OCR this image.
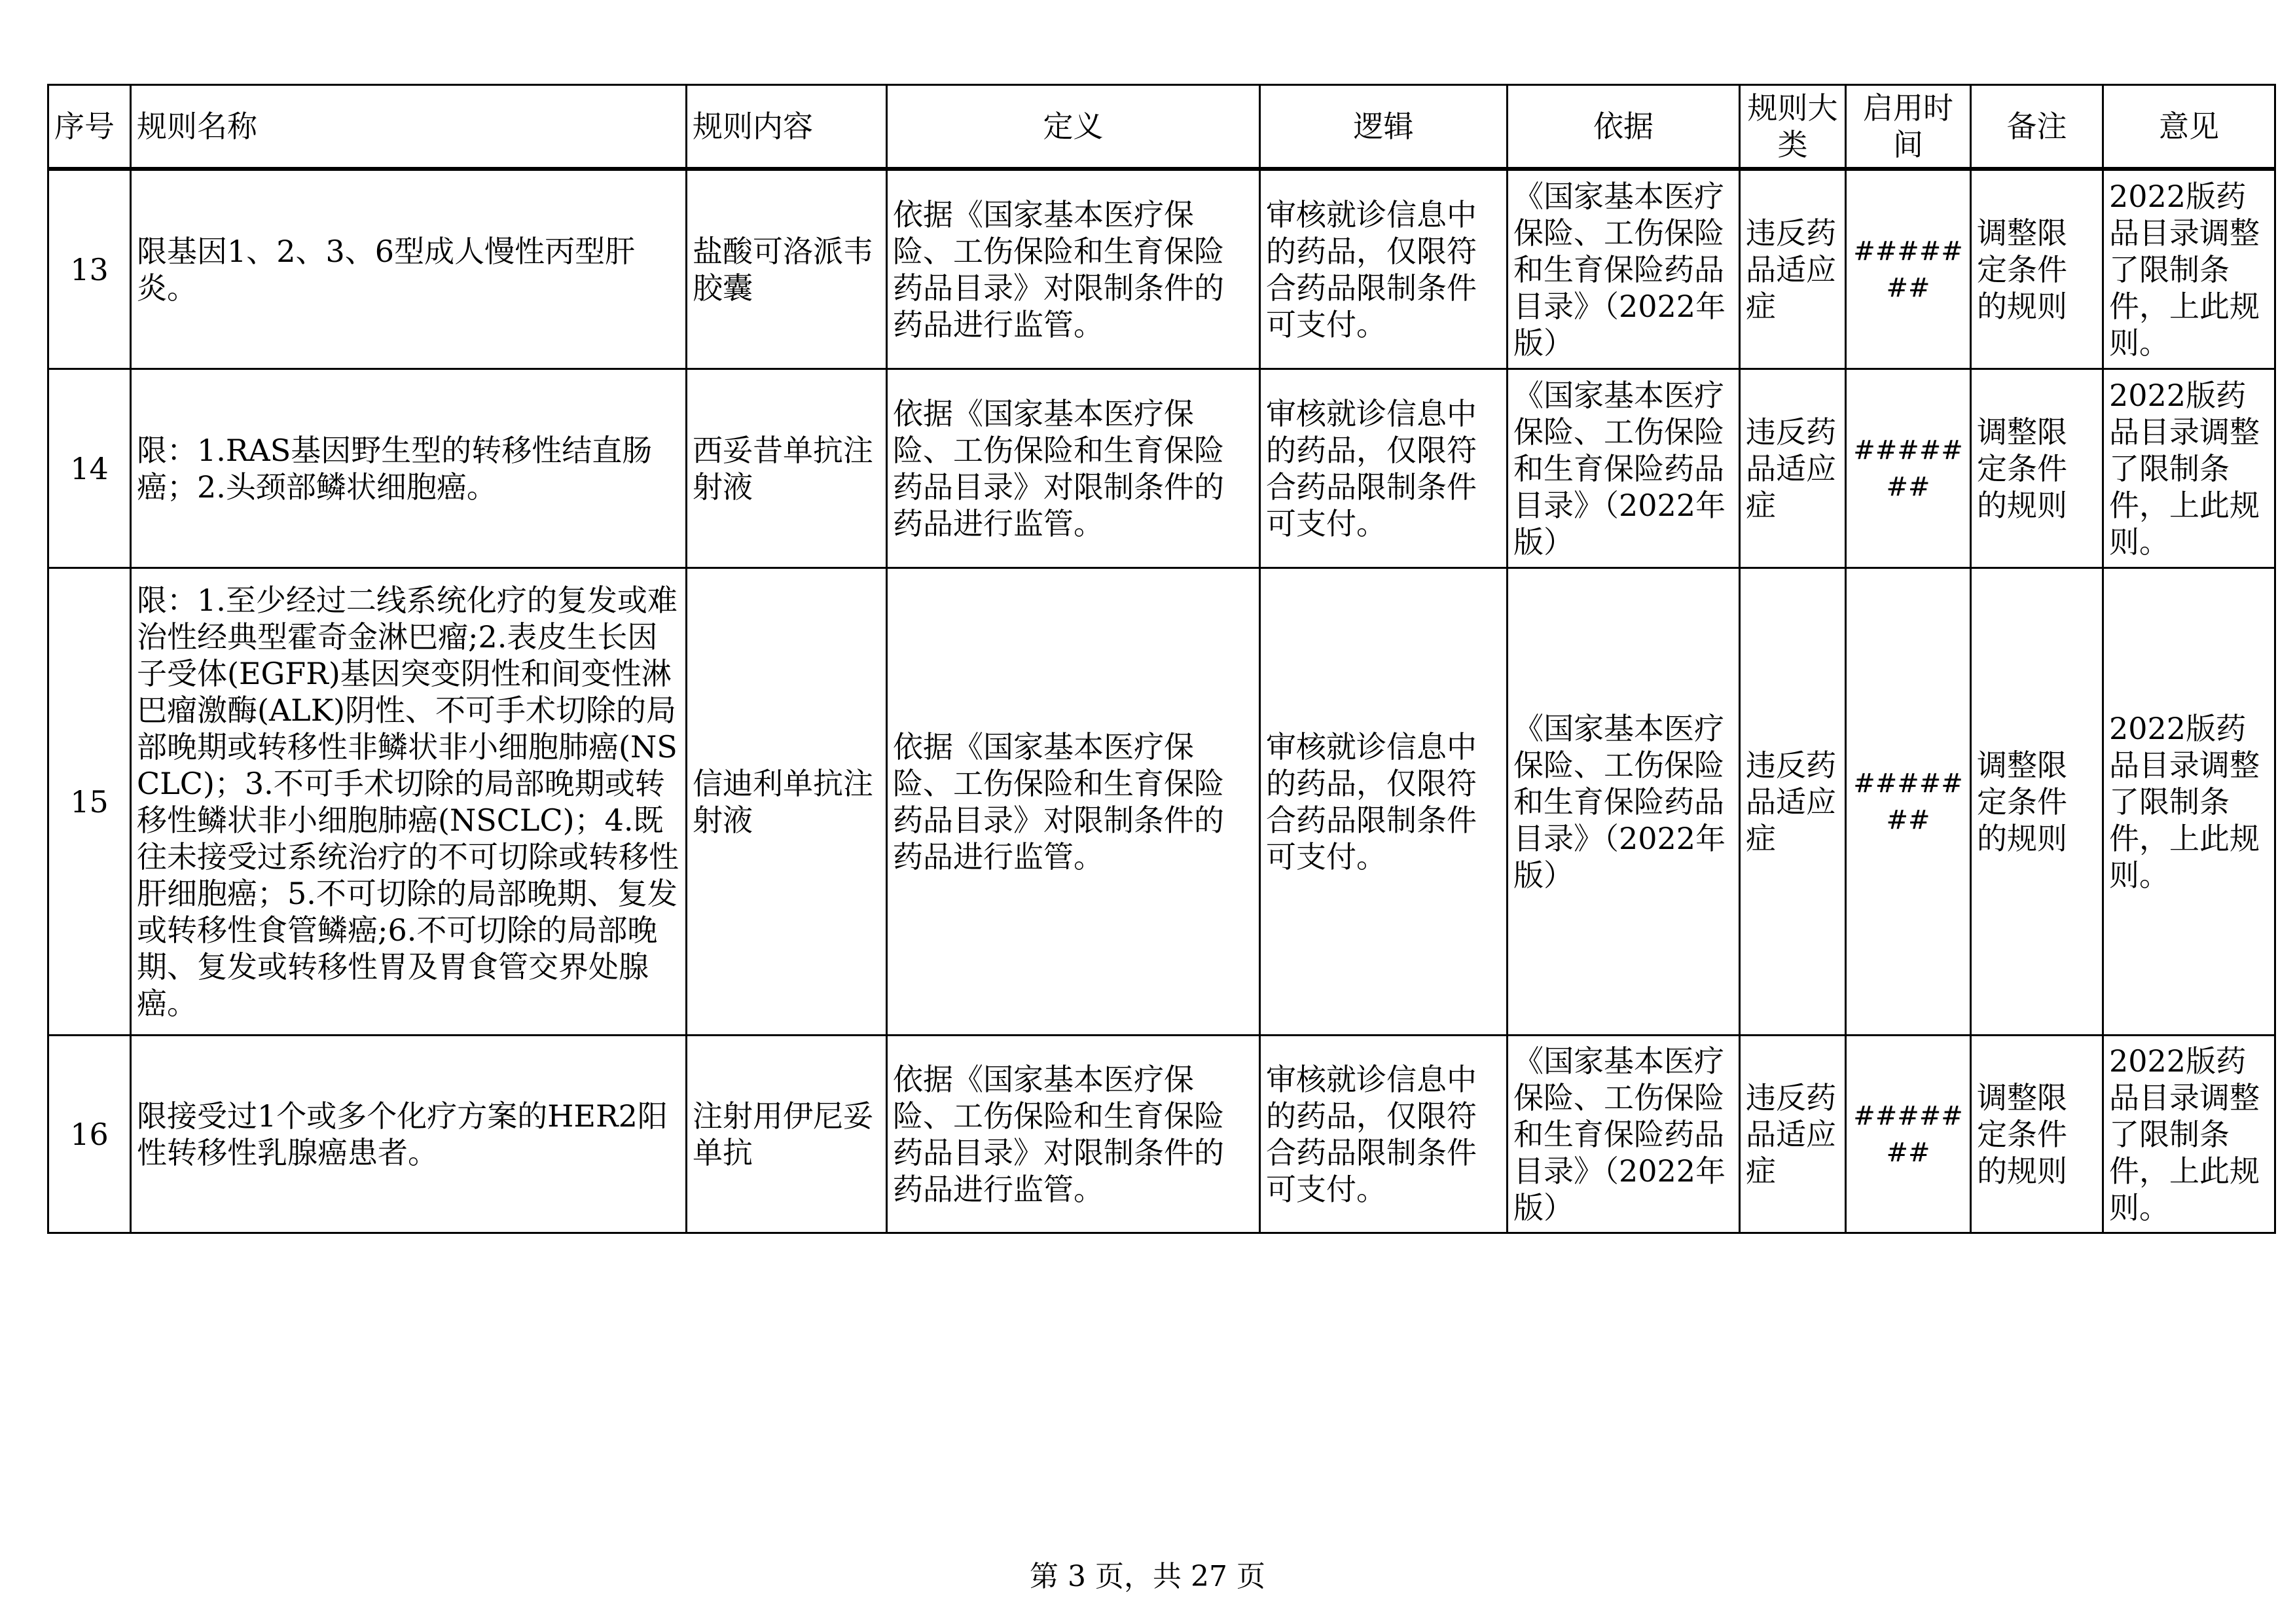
序号	规则名称	规则内容	定义	逻辑	依据	规则大类	启用时间	备注	意见
13	限基因1、2、3、6型成人慢性丙型肝炎。	盐酸可洛派韦胶囊	依据《国家基本医疗保险、工伤保险和生育保险药品目录》对限制条件的药品进行监管。	审核就诊信息中的药品，仅限符合药品限制条件可支付。	《国家基本医疗保险、工伤保险和生育保险药品目录》（2022年版）	违反药品适应症	#######	调整限定条件的规则	2022版药品目录调整了限制条件，上此规则。
14	限：1.RAS基因野生型的转移性结直肠癌；2.头颈部鳞状细胞癌。	西妥昔单抗注射液	依据《国家基本医疗保险、工伤保险和生育保险药品目录》对限制条件的药品进行监管。	审核就诊信息中的药品，仅限符合药品限制条件可支付。	《国家基本医疗保险、工伤保险和生育保险药品目录》（2022年版）	违反药品适应症	#######	调整限定条件的规则	2022版药品目录调整了限制条件，上此规则。
15	限：1.至少经过二线系统化疗的复发或难治性经典型霍奇金淋巴瘤;2.表皮生长因子受体(EGFR)基因突变阴性和间变性淋巴瘤激酶(ALK)阴性、不可手术切除的局部晚期或转移性非鳞状非小细胞肺癌(NSCLC)；3.不可手术切除的局部晚期或转移性鳞状非小细胞肺癌(NSCLC)；4.既往未接受过系统治疗的不可切除或转移性肝细胞癌；5.不可切除的局部晚期、复发或转移性食管鳞癌;6.不可切除的局部晚期、复发或转移性胃及胃食管交界处腺癌。	信迪利单抗注射液	依据《国家基本医疗保险、工伤保险和生育保险药品目录》对限制条件的药品进行监管。	审核就诊信息中的药品，仅限符合药品限制条件可支付。	《国家基本医疗保险、工伤保险和生育保险药品目录》（2022年版）	违反药品适应症	#######	调整限定条件的规则	2022版药品目录调整了限制条件，上此规则。
16	限接受过1个或多个化疗方案的HER2阳性转移性乳腺癌患者。	注射用伊尼妥单抗	依据《国家基本医疗保险、工伤保险和生育保险药品目录》对限制条件的药品进行监管。	审核就诊信息中的药品，仅限符合药品限制条件可支付。	《国家基本医疗保险、工伤保险和生育保险药品目录》（2022年版）	违反药品适应症	#######	调整限定条件的规则	2022版药品目录调整了限制条件，上此规则。
第 3 页，共 27 页
